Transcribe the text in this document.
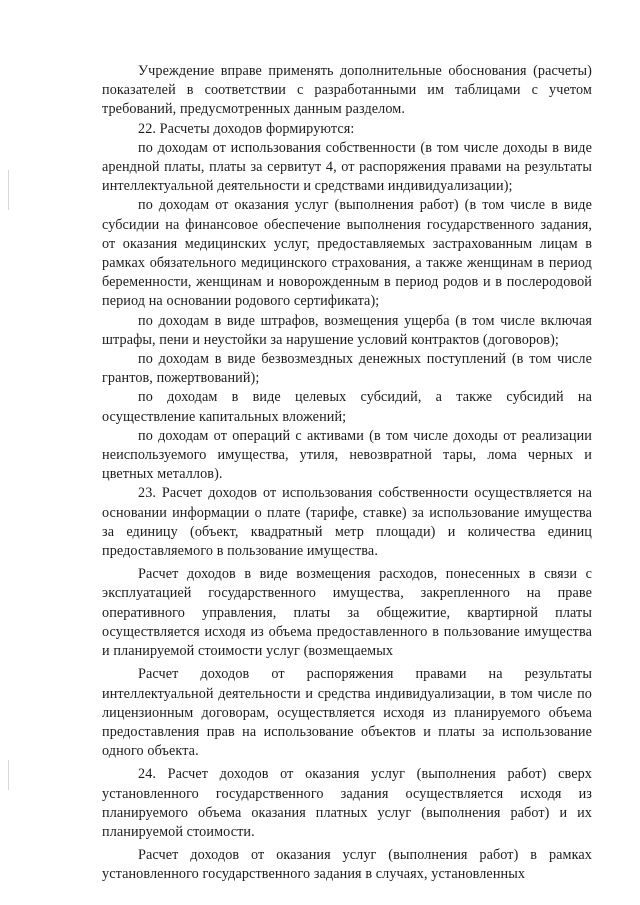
Учреждение вправе применять дополнительные обоснования (расчеты) показателей в соответствии с разработанными им таблицами с учетом требований, предусмотренных данным разделом.

22. Расчеты доходов формируются:

по доходам от использования собственности (в том числе доходы в виде арендной платы, платы за сервитут 4, от распоряжения правами на результаты интеллектуальной деятельности и средствами индивидуализации);

по доходам от оказания услуг (выполнения работ) (в том числе в виде субсидии на финансовое обеспечение выполнения государственного задания, от оказания медицинских услуг, предоставляемых застрахованным лицам в рамках обязательного медицинского страхования, а также женщинам в период беременности, женщинам и новорожденным в период родов и в послеродовой период на основании родового сертификата);

по доходам в виде штрафов, возмещения ущерба (в том числе включая штрафы, пени и неустойки за нарушение условий контрактов (договоров);

по доходам в виде безвозмездных денежных поступлений (в том числе грантов, пожертвований);

по доходам в виде целевых субсидий, а также субсидий на осуществление капитальных вложений;

по доходам от операций с активами (в том числе доходы от реализации неиспользуемого имущества, утиля, невозвратной тары, лома черных и цветных металлов).

23. Расчет доходов от использования собственности осуществляется на основании информации о плате (тарифе, ставке) за использование имущества за единицу (объект, квадратный метр площади) и количества единиц предоставляемого в пользование имущества.

Расчет доходов в виде возмещения расходов, понесенных в связи с эксплуатацией государственного имущества, закрепленного на праве оперативного управления, платы за общежитие, квартирной платы осуществляется исходя из объема предоставленного в пользование имущества и планируемой стоимости услуг (возмещаемых

Расчет доходов от распоряжения правами на результаты интеллектуальной деятельности и средства индивидуализации, в том числе по лицензионным договорам, осуществляется исходя из планируемого объема предоставления прав на использование объектов и платы за использование одного объекта.

24. Расчет доходов от оказания услуг (выполнения работ) сверх установленного государственного задания осуществляется исходя из планируемого объема оказания платных услуг (выполнения работ) и их планируемой стоимости.

Расчет доходов от оказания услуг (выполнения работ) в рамках установленного государственного задания в случаях, установленных
